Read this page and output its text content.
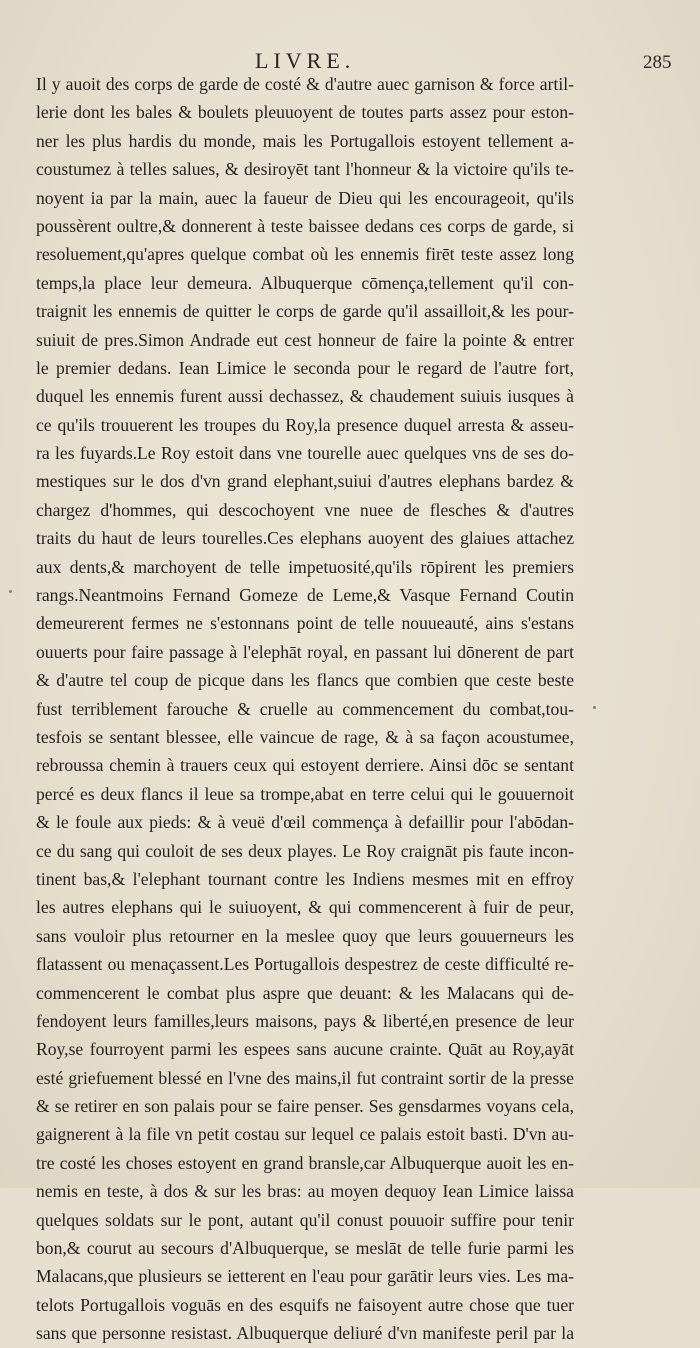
LIVRE.	285
Il y auoit des corps de garde de costé & d'autre auec garnison & force artil-
lerie dont les bales & boulets pleuuoyent de toutes parts assez pour eston-
ner les plus hardis du monde, mais les Portugallois estoyent tellement a-
coustumez à telles salues, & desiroyēt tant l'honneur & la victoire qu'ils te-
noyent ia par la main, auec la faueur de Dieu qui les encourageoit, qu'ils
poussèrent oultre,& donnerent à teste baissee dedans ces corps de garde, si
resoluement,qu'apres quelque combat où les ennemis firēt teste assez long
temps,la place leur demeura. Albuquerque cōmença,tellement qu'il con-
traignit les ennemis de quitter le corps de garde qu'il assailloit,& les pour-
suiuit de pres.Simon Andrade eut cest honneur de faire la pointe & entrer
le premier dedans. Iean Limice le seconda pour le regard de l'autre fort,
duquel les ennemis furent aussi dechassez, & chaudement suiuis iusques à
ce qu'ils trouuerent les troupes du Roy,la presence duquel arresta & asseu-
ra les fuyards.Le Roy estoit dans vne tourelle auec quelques vns de ses do-
mestiques sur le dos d'vn grand elephant,suiui d'autres elephans bardez &
chargez d'hommes, qui descochoyent vne nuee de flesches & d'autres
traits du haut de leurs tourelles.Ces elephans auoyent des glaiues attachez
aux dents,& marchoyent de telle impetuosité,qu'ils rōpirent les premiers
rangs.Neantmoins Fernand Gomeze de Leme,& Vasque Fernand Coutin
demeurerent fermes ne s'estonnans point de telle nouueauté, ains s'estans
ouuerts pour faire passage à l'elephāt royal, en passant lui dōnerent de part
& d'autre tel coup de picque dans les flancs que combien que ceste beste
fust terriblement farouche & cruelle au commencement du combat,tou-
tesfois se sentant blessee, elle vaincue de rage, & à sa façon acoustumee,
rebroussa chemin à trauers ceux qui estoyent derriere. Ainsi dōc se sentant
percé es deux flancs il leue sa trompe,abat en terre celui qui le gouuernoit
& le foule aux pieds: & à veuë d'œil commença à defaillir pour l'abōdan-
ce du sang qui couloit de ses deux playes. Le Roy craignāt pis faute incon-
tinent bas,& l'elephant tournant contre les Indiens mesmes mit en effroy
les autres elephans qui le suiuoyent, & qui commencerent à fuir de peur,
sans vouloir plus retourner en la meslee quoy que leurs gouuerneurs les
flatassent ou menaçassent.Les Portugallois despestrez de ceste difficulté re-
commencerent le combat plus aspre que deuant: & les Malacans qui de-
fendoyent leurs familles,leurs maisons, pays & liberté,en presence de leur
Roy,se fourroyent parmi les espees sans aucune crainte. Quāt au Roy,ayāt
esté griefuement blessé en l'vne des mains,il fut contraint sortir de la presse
& se retirer en son palais pour se faire penser. Ses gensdarmes voyans cela,
gaignerent à la file vn petit costau sur lequel ce palais estoit basti. D'vn au-
tre costé les choses estoyent en grand bransle,car Albuquerque auoit les en-
nemis en teste, à dos & sur les bras: au moyen dequoy Iean Limice laissa
quelques soldats sur le pont, autant qu'il conust pouuoir suffire pour tenir
bon,& courut au secours d'Albuquerque, se meslāt de telle furie parmi les
Malacans,que plusieurs se ietterent en l'eau pour garātir leurs vies. Les ma-
telots Portugallois voguās en des esquifs ne faisoyent autre chose que tuer
sans que personne resistast. Albuquerque deliuré d'vn manifeste peril par la
